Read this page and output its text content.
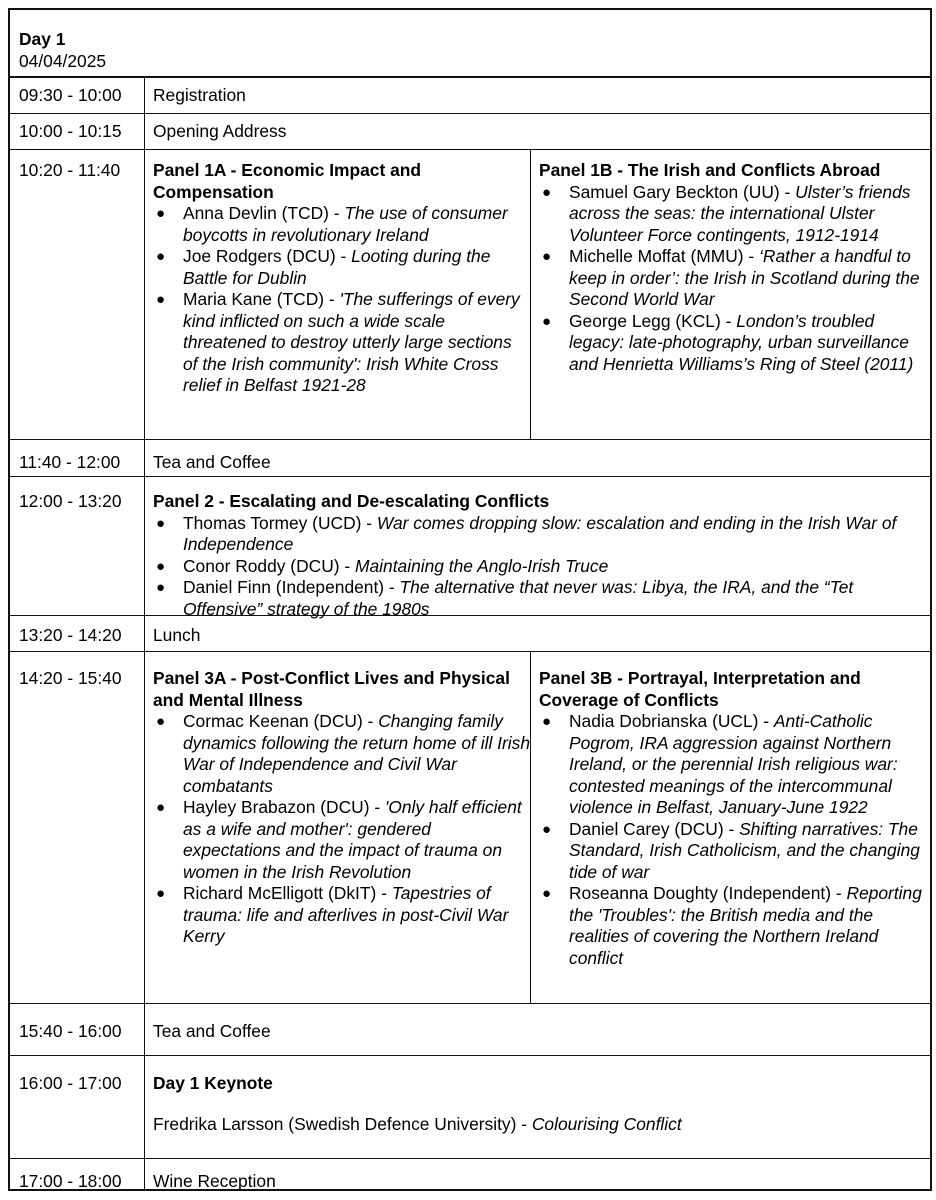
Day 1
04/04/2025
09:30 - 10:00	Registration
10:00 - 10:15	Opening Address
10:20 - 11:40	Panel 1A - Economic Impact and Compensation
● Anna Devlin (TCD) - The use of consumer boycotts in revolutionary Ireland
● Joe Rodgers (DCU) - Looting during the Battle for Dublin
● Maria Kane (TCD) - 'The sufferings of every kind inflicted on such a wide scale threatened to destroy utterly large sections of the Irish community': Irish White Cross relief in Belfast 1921-28
Panel 1B - The Irish and Conflicts Abroad
● Samuel Gary Beckton (UU) - Ulster’s friends across the seas: the international Ulster Volunteer Force contingents, 1912-1914
● Michelle Moffat (MMU) - ‘Rather a handful to keep in order’: the Irish in Scotland during the Second World War
● George Legg (KCL) - London’s troubled legacy: late-photography, urban surveillance and Henrietta Williams’s Ring of Steel (2011)
11:40 - 12:00	Tea and Coffee
12:00 - 13:20	Panel 2 - Escalating and De-escalating Conflicts
● Thomas Tormey (UCD) - War comes dropping slow: escalation and ending in the Irish War of Independence
● Conor Roddy (DCU) - Maintaining the Anglo-Irish Truce
● Daniel Finn (Independent) - The alternative that never was: Libya, the IRA, and the “Tet Offensive” strategy of the 1980s
13:20 - 14:20	Lunch
14:20 - 15:40	Panel 3A - Post-Conflict Lives and Physical and Mental Illness
● Cormac Keenan (DCU) - Changing family dynamics following the return home of ill Irish War of Independence and Civil War combatants
● Hayley Brabazon (DCU) - 'Only half efficient as a wife and mother': gendered expectations and the impact of trauma on women in the Irish Revolution
● Richard McElligott (DkIT) - Tapestries of trauma: life and afterlives in post-Civil War Kerry
Panel 3B - Portrayal, Interpretation and Coverage of Conflicts
● Nadia Dobrianska (UCL) - Anti-Catholic Pogrom, IRA aggression against Northern Ireland, or the perennial Irish religious war: contested meanings of the intercommunal violence in Belfast, January-June 1922
● Daniel Carey (DCU) - Shifting narratives: The Standard, Irish Catholicism, and the changing tide of war
● Roseanna Doughty (Independent) - Reporting the 'Troubles': the British media and the realities of covering the Northern Ireland conflict
15:40 - 16:00	Tea and Coffee
16:00 - 17:00	Day 1 Keynote
Fredrika Larsson (Swedish Defence University) - Colourising Conflict
17:00 - 18:00	Wine Reception
